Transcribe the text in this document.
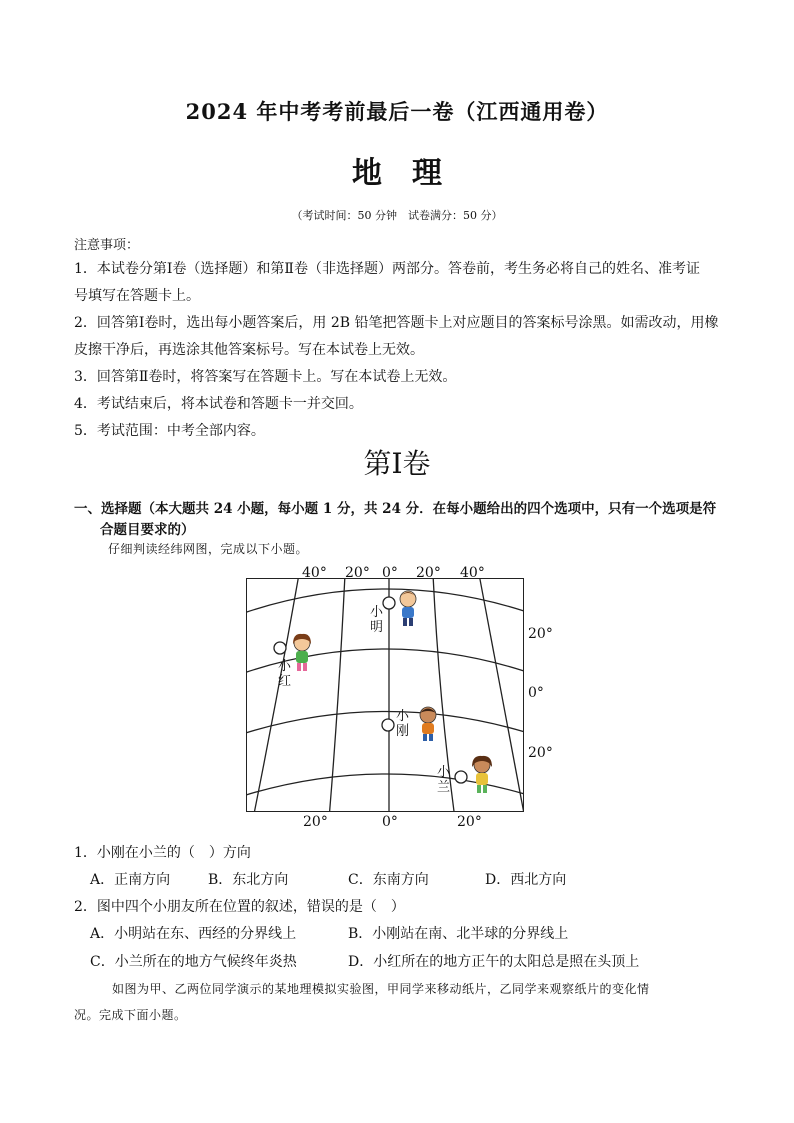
2024 年中考考前最后一卷（江西通用卷）
地　理
（考试时间：50 分钟　试卷满分：50 分）
注意事项：
1．本试卷分第Ⅰ卷（选择题）和第Ⅱ卷（非选择题）两部分。答卷前，考生务必将自己的姓名、准考证
号填写在答题卡上。
2．回答第Ⅰ卷时，选出每小题答案后，用 2B 铅笔把答题卡上对应题目的答案标号涂黑。如需改动，用橡
皮擦干净后，再选涂其他答案标号。写在本试卷上无效。
3．回答第Ⅱ卷时，将答案写在答题卡上。写在本试卷上无效。
4．考试结束后，将本试卷和答题卡一并交回。
5．考试范围：中考全部内容。
第Ⅰ卷
一、选择题（本大题共 24 小题，每小题 1 分，共 24 分．在每小题给出的四个选项中，只有一个选项是符
合题目要求的）
仔细判读经纬网图，完成以下小题。
40° 20° 0° 20° 40°
20°	0°	20°
20°
0°
20°
小
明
小
红
小
刚
小
兰
1．小刚在小兰的（　）方向
A．正南方向	B．东北方向	C．东南方向	D．西北方向
2．图中四个小朋友所在位置的叙述，错误的是（　）
A．小明站在东、西经的分界线上	B．小刚站在南、北半球的分界线上
C．小兰所在的地方气候终年炎热	D．小红所在的地方正午的太阳总是照在头顶上
如图为甲、乙两位同学演示的某地理模拟实验图，甲同学来移动纸片，乙同学来观察纸片的变化情
况。完成下面小题。
